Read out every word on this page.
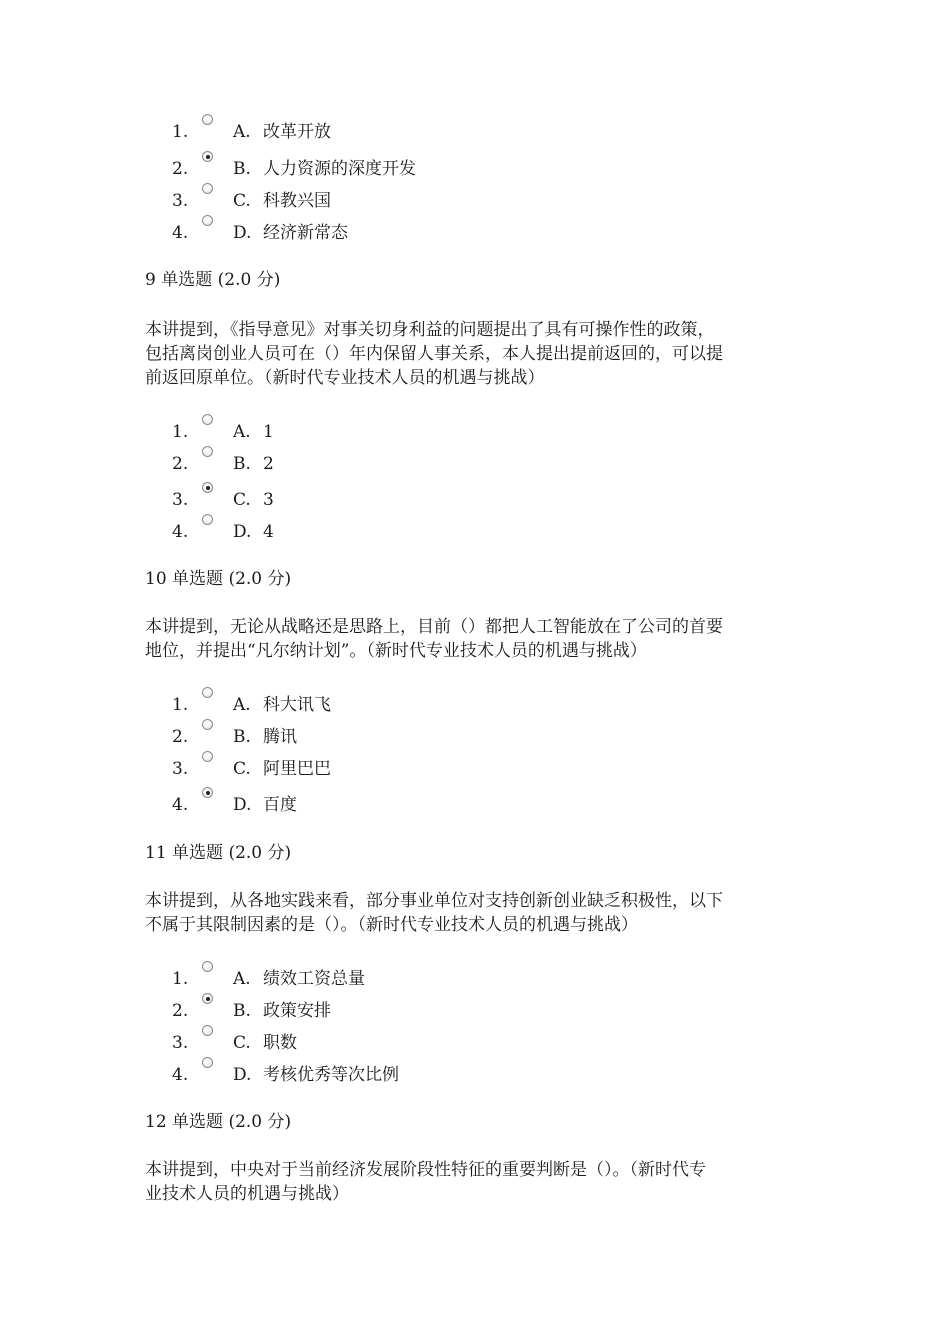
1.	A. 改革开放
2.	B. 人力资源的深度开发
3.	C. 科教兴国
4.	D. 经济新常态
9 单选题 (2.0 分)
本讲提到，《指导意见》对事关切身利益的问题提出了具有可操作性的政策，
包括离岗创业人员可在（）年内保留人事关系，本人提出提前返回的，可以提
前返回原单位。（新时代专业技术人员的机遇与挑战）
1.	A. 1
2.	B. 2
3.	C. 3
4.	D. 4
10 单选题 (2.0 分)
本讲提到，无论从战略还是思路上，目前（）都把人工智能放在了公司的首要
地位，并提出“凡尔纳计划”。（新时代专业技术人员的机遇与挑战）
1.	A. 科大讯飞
2.	B. 腾讯
3.	C. 阿里巴巴
4.	D. 百度
11 单选题 (2.0 分)
本讲提到，从各地实践来看，部分事业单位对支持创新创业缺乏积极性，以下
不属于其限制因素的是（）。（新时代专业技术人员的机遇与挑战）
1.	A. 绩效工资总量
2.	B. 政策安排
3.	C. 职数
4.	D. 考核优秀等次比例
12 单选题 (2.0 分)
本讲提到，中央对于当前经济发展阶段性特征的重要判断是（）。（新时代专
业技术人员的机遇与挑战）
